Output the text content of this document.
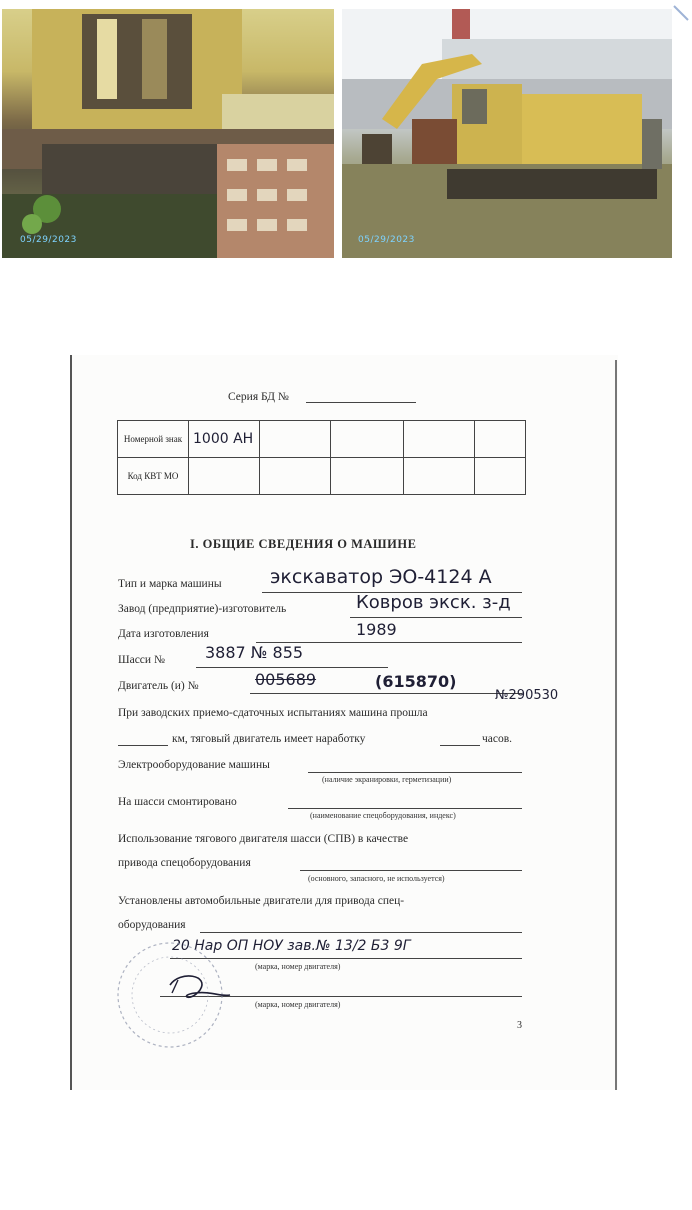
05/29/2023	05/29/2023
Серия БД №
Номерной знак	1000 АН				

Код КВТ МО					
I. ОБЩИЕ СВЕДЕНИЯ О МАШИНЕ
Тип и марка машины	экскаватор ЭО-4124 А
Завод (предприятие)-изготовитель	Ковров экск. з-д
Дата изготовления	1989
Шасси №	3887 № 855
Двигатель (и) №	005689	(615870)
№290530
При заводских приемо-сдаточных испытаниях машина прошла
км, тяговый двигатель имеет наработку	часов.
Электрооборудование машины
(наличие экранировки, герметизации)
На шасси смонтировано
(наименование спецоборудования, индекс)
Использование тягового двигателя шасси (СПВ) в качестве
привода спецоборудования
(основного, запасного, не используется)
Установлены автомобильные двигатели для привода спец-
оборудования
20 Нар ОП НОУ зав.№ 13/2 Б3 9Г
(марка, номер двигателя)
(марка, номер двигателя)
3
